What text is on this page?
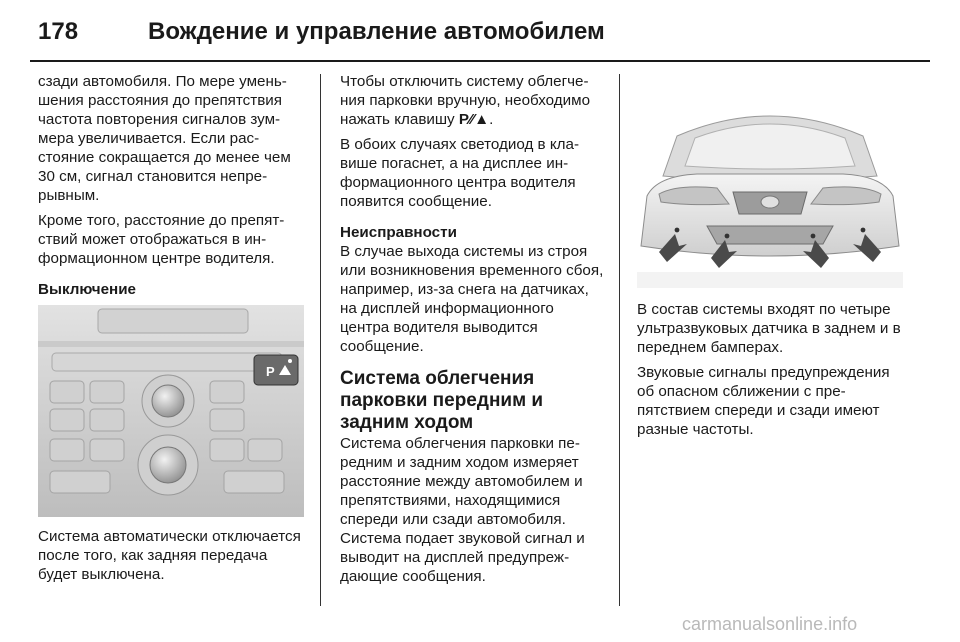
178	Вождение и управление автомобилем

сзади автомобиля. По мере уменьшения расстояния до препятствия частота повторения сигналов зуммера увеличивается. Если расстояние сокращается до менее чем 30 см, сигнал становится непрерывным.

Кроме того, расстояние до препятствий может отображаться в информационном центре водителя.

Выключение
P

Система автоматически отключается после того, как задняя передача будет выключена.

Чтобы отключить систему облегчения парковки вручную, необходимо нажать клавишу P⁄⁄▲.

В обоих случаях светодиод в клавише погаснет, а на дисплее информационного центра водителя появится сообщение.

Неисправности

В случае выхода системы из строя или возникновения временного сбоя, например, из-за снега на датчиках, на дисплей информационного центра водителя выводится сообщение.

Система облегчения парковки передним и задним ходом

Система облегчения парковки передним и задним ходом измеряет расстояние между автомобилем и препятствиями, находящимися спереди или сзади автомобиля. Система подает звуковой сигнал и выводит на дисплей предупреждающие сообщения.

В состав системы входят по четыре ультразвуковых датчика в заднем и в переднем бамперах.

Звуковые сигналы предупреждения об опасном сближении с препятствием спереди и сзади имеют разные частоты.

carmanualsonline.info
